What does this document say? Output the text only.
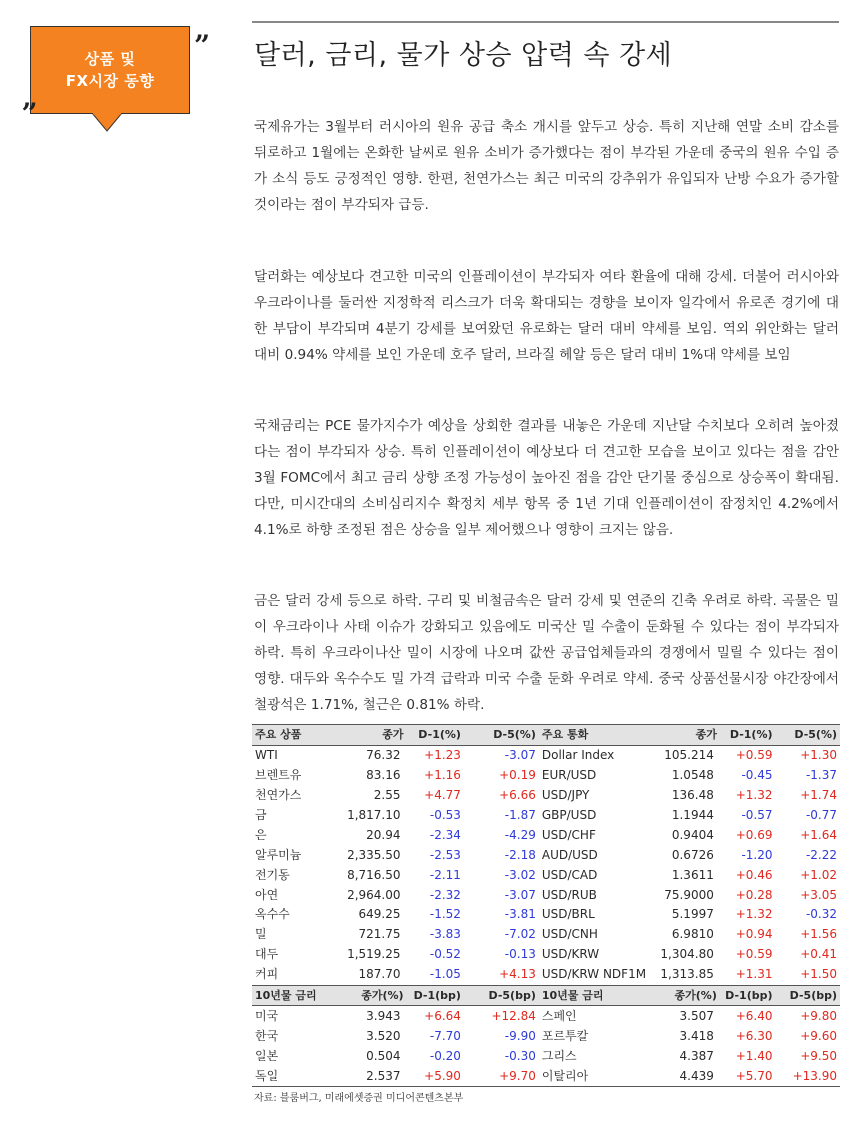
상품 및
FX시장 동향
„
” 달러, 금리, 물가 상승 압력 속 강세

국제유가는 3월부터 러시아의 원유 공급 축소 개시를 앞두고 상승. 특히 지난해 연말 소비 감소를 뒤로하고 1월에는 온화한 날씨로 원유 소비가 증가했다는 점이 부각된 가운데 중국의 원유 수입 증가 소식 등도 긍정적인 영향. 한편, 천연가스는 최근 미국의 강추위가 유입되자 난방 수요가 증가할 것이라는 점이 부각되자 급등.

달러화는 예상보다 견고한 미국의 인플레이션이 부각되자 여타 환율에 대해 강세. 더불어 러시아와 우크라이나를 둘러싼 지정학적 리스크가 더욱 확대되는 경향을 보이자 일각에서 유로존 경기에 대한 부담이 부각되며 4분기 강세를 보여왔던 유로화는 달러 대비 약세를 보임. 역외 위안화는 달러 대비 0.94% 약세를 보인 가운데 호주 달러, 브라질 헤알 등은 달러 대비 1%대 약세를 보임

국채금리는 PCE 물가지수가 예상을 상회한 결과를 내놓은 가운데 지난달 수치보다 오히려 높아졌다는 점이 부각되자 상승. 특히 인플레이션이 예상보다 더 견고한 모습을 보이고 있다는 점을 감안 3월 FOMC에서 최고 금리 상향 조정 가능성이 높아진 점을 감안 단기물 중심으로 상승폭이 확대됨. 다만, 미시간대의 소비심리지수 확정치 세부 항목 중 1년 기대 인플레이션이 잠정치인 4.2%에서 4.1%로 하향 조정된 점은 상승을 일부 제어했으나 영향이 크지는 않음.

금은 달러 강세 등으로 하락. 구리 및 비철금속은 달러 강세 및 연준의 긴축 우려로 하락. 곡물은 밀이 우크라이나 사태 이슈가 강화되고 있음에도 미국산 밀 수출이 둔화될 수 있다는 점이 부각되자 하락. 특히 우크라이나산 밀이 시장에 나오며 값싼 공급업체들과의 경쟁에서 밀릴 수 있다는 점이 영향. 대두와 옥수수도 밀 가격 급락과 미국 수출 둔화 우려로 약세. 중국 상품선물시장 야간장에서 철광석은 1.71%, 철근은 0.81% 하락.

주요 상품	종가	D-1(%)	D-5(%)	주요 통화	종가	D-1(%)	D-5(%)
WTI	76.32	+1.23	-3.07	Dollar Index	105.214	+0.59	+1.30
브렌트유	83.16	+1.16	+0.19	EUR/USD	1.0548	-0.45	-1.37
천연가스	2.55	+4.77	+6.66	USD/JPY	136.48	+1.32	+1.74
금	1,817.10	-0.53	-1.87	GBP/USD	1.1944	-0.57	-0.77
은	20.94	-2.34	-4.29	USD/CHF	0.9404	+0.69	+1.64
알루미늄	2,335.50	-2.53	-2.18	AUD/USD	0.6726	-1.20	-2.22
전기동	8,716.50	-2.11	-3.02	USD/CAD	1.3611	+0.46	+1.02
아연	2,964.00	-2.32	-3.07	USD/RUB	75.9000	+0.28	+3.05
옥수수	649.25	-1.52	-3.81	USD/BRL	5.1997	+1.32	-0.32
밀	721.75	-3.83	-7.02	USD/CNH	6.9810	+0.94	+1.56
대두	1,519.25	-0.52	-0.13	USD/KRW	1,304.80	+0.59	+0.41
커피	187.70	-1.05	+4.13	USD/KRW NDF1M	1,313.85	+1.31	+1.50
10년물 금리	종가(%)	D-1(bp)	D-5(bp)	10년물 금리	종가(%)	D-1(bp)	D-5(bp)
미국	3.943	+6.64	+12.84	스페인	3.507	+6.40	+9.80
한국	3.520	-7.70	-9.90	포르투칼	3.418	+6.30	+9.60
일본	0.504	-0.20	-0.30	그리스	4.387	+1.40	+9.50
독일	2.537	+5.90	+9.70	이탈리아	4.439	+5.70	+13.90
자료: 블룸버그, 미래에셋증권 미디어콘텐츠본부
